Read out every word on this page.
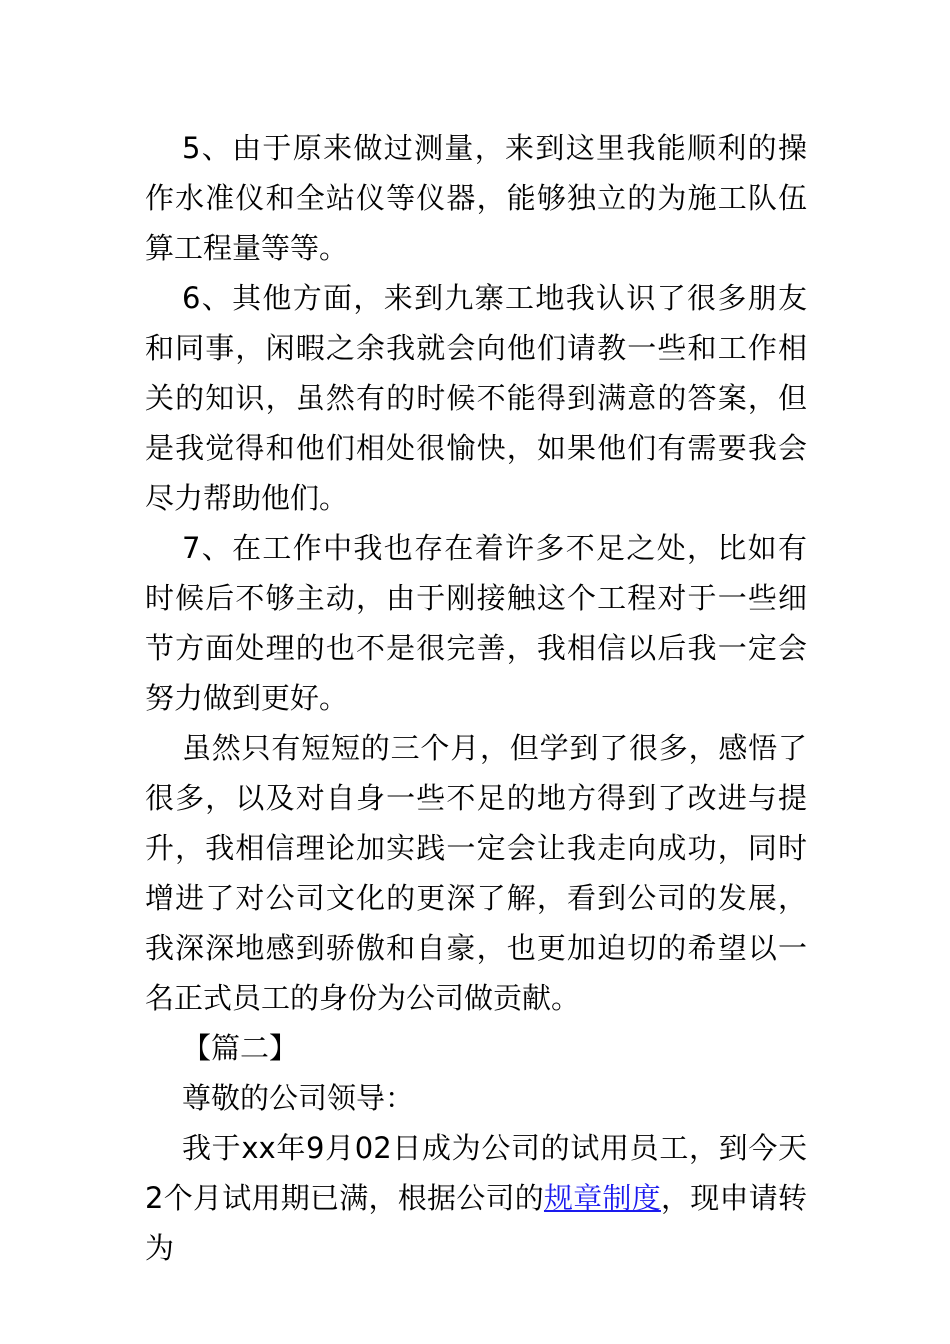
5、由于原来做过测量，来到这里我能顺利的操作水准仪和全站仪等仪器，能够独立的为施工队伍算工程量等等。

6、其他方面，来到九寨工地我认识了很多朋友和同事，闲暇之余我就会向他们请教一些和工作相关的知识，虽然有的时候不能得到满意的答案，但是我觉得和他们相处很愉快，如果他们有需要我会尽力帮助他们。

7、在工作中我也存在着许多不足之处，比如有时候后不够主动，由于刚接触这个工程对于一些细节方面处理的也不是很完善，我相信以后我一定会努力做到更好。

虽然只有短短的三个月，但学到了很多，感悟了很多，以及对自身一些不足的地方得到了改进与提升，我相信理论加实践一定会让我走向成功，同时增进了对公司文化的更深了解，看到公司的发展，我深深地感到骄傲和自豪，也更加迫切的希望以一名正式员工的身份为公司做贡献。

【篇二】

尊敬的公司领导：

我于xx年9月02日成为公司的试用员工，到今天2个月试用期已满，根据公司的规章制度，现申请转为
